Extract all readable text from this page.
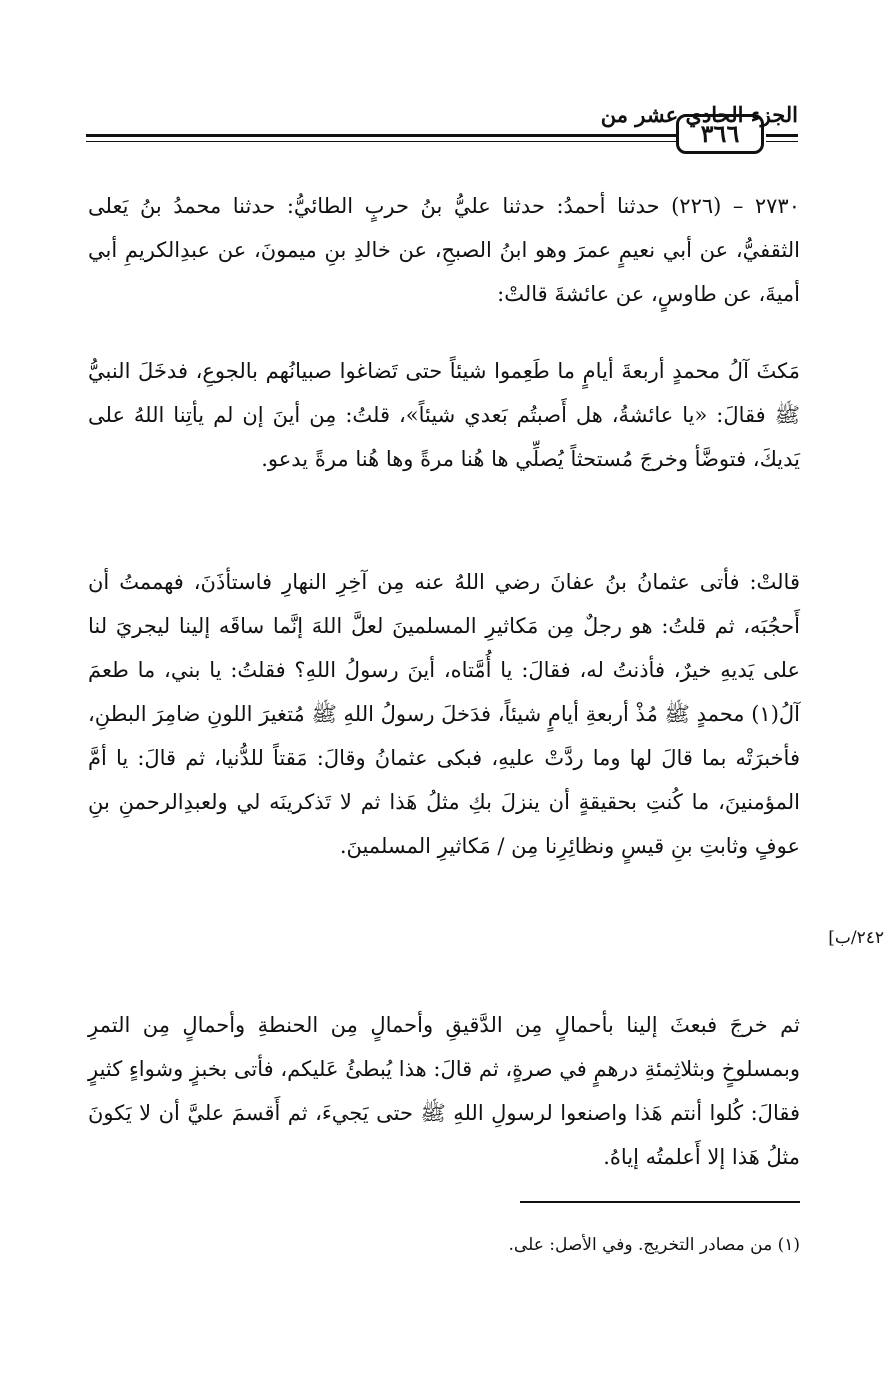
الجزء الحادي عشر من
٣٦٦
٢٧٣٠ – (٢٢٦) حدثنا أحمدُ: حدثنا عليُّ بنُ حربٍ الطائيُّ: حدثنا محمدُ بنُ يَعلى الثقفيُّ، عن أبي نعيمٍ عمرَ وهو ابنُ الصبحِ، عن خالدِ بنِ ميمونَ، عن عبدِالكريمِ أبي أميةَ، عن طاوسٍ، عن عائشةَ قالتْ:
مَكثَ آلُ محمدٍ أربعةَ أيامٍ ما طَعِموا شيئاً حتى تَضاغوا صبيانُهم بالجوعِ، فدخَلَ النبيُّ ﷺ فقالَ: «يا عائشةُ، هل أَصبتُم بَعدي شيئاً»، قلتُ: مِن أينَ إن لم يأتِنا اللهُ على يَديكَ، فتوضَّأ وخرجَ مُستحثاً يُصلِّي ها هُنا مرةً وها هُنا مرةً يدعو.
قالتْ: فأتى عثمانُ بنُ عفانَ رضي اللهُ عنه مِن آخِرِ النهارِ فاستأذَنَ، فهممتُ أن أَحجُبَه، ثم قلتُ: هو رجلٌ مِن مَكاثيرِ المسلمينَ لعلَّ اللهَ إنَّما ساقَه إلينا ليجريَ لنا على يَديهِ خيرٌ، فأذنتُ له، فقالَ: يا أُمَّتاه، أينَ رسولُ اللهِ؟ فقلتُ: يا بني، ما طعمَ آلُ(١) محمدٍ ﷺ مُذْ أربعةِ أيامٍ شيئاً، فدَخلَ رسولُ اللهِ ﷺ مُتغيرَ اللونِ ضامِرَ البطنِ، فأخبرَتْه بما قالَ لها وما ردَّتْ عليهِ، فبكى عثمانُ وقالَ: مَقتاً للدُّنيا، ثم قالَ: يا أمَّ المؤمنينَ، ما كُنتِ بحقيقةٍ أن ينزلَ بكِ مثلُ هَذا ثم لا تَذكرينَه لي ولعبدِالرحمنِ بنِ عوفٍ وثابتِ بنِ قيسٍ ونظائِرِنا مِن / مَكاثيرِ المسلمينَ.
ثم خرجَ فبعثَ إلينا بأحمالٍ مِن الدَّقيقِ وأحمالٍ مِن الحنطةِ وأحمالٍ مِن التمرِ وبمسلوخٍ وبثلاثِمئةِ درهمٍ في صرةٍ، ثم قالَ: هذا يُبطئُ عَليكم، فأتى بخبزٍ وشواءٍ كثيرٍ فقالَ: كُلوا أنتم هَذا واصنعوا لرسولِ اللهِ ﷺ حتى يَجيءَ، ثم أَقسمَ عليَّ أن لا يَكونَ مثلُ هَذا إلا أَعلمتُه إياهُ.
٢٤٢/ب]
(١) من مصادر التخريج. وفي الأصل: على.
